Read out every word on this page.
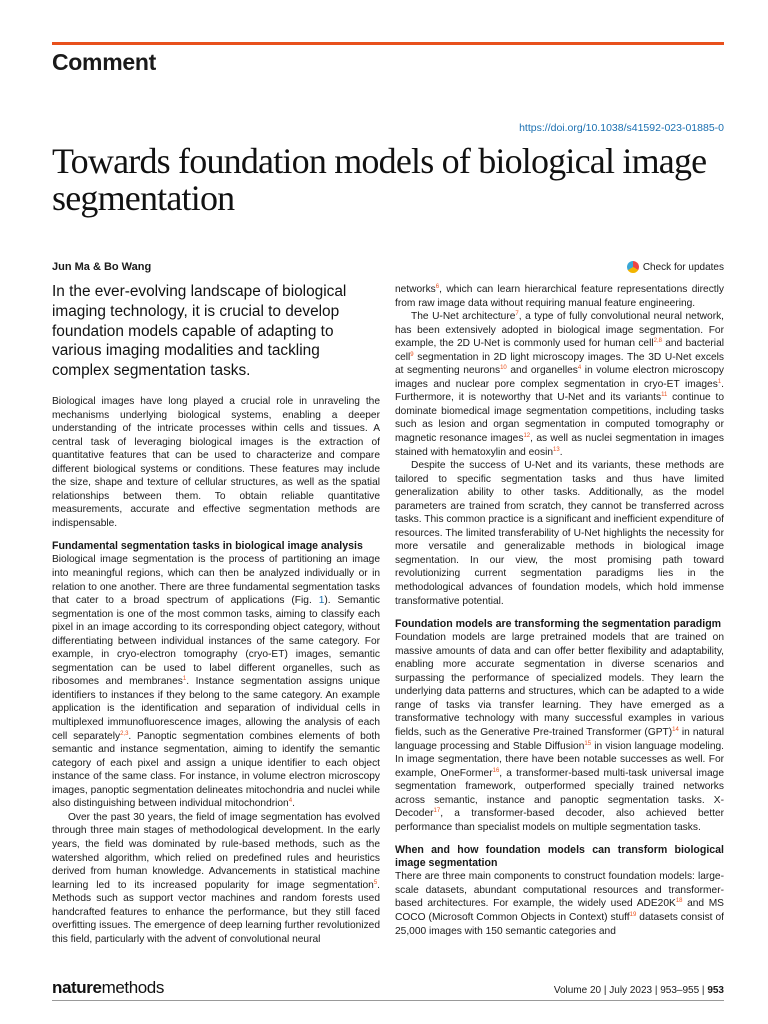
Comment
https://doi.org/10.1038/s41592-023-01885-0
Towards foundation models of biological image segmentation
Jun Ma & Bo Wang	Check for updates

In the ever-evolving landscape of biological imaging technology, it is crucial to develop foundation models capable of adapting to various imaging modalities and tackling complex segmentation tasks.

Biological images have long played a crucial role in unraveling the mechanisms underlying biological systems, enabling a deeper understanding of the intricate processes within cells and tissues. A central task of leveraging biological images is the extraction of quantitative features that can be used to characterize and compare different biological systems or conditions. These features may include the size, shape and texture of cellular structures, as well as the spatial relationships between them. To obtain reliable quantitative measurements, accurate and effective segmentation methods are indispensable.

Fundamental segmentation tasks in biological image analysis

Biological image segmentation is the process of partitioning an image into meaningful regions, which can then be analyzed individually or in relation to one another. There are three fundamental segmentation tasks that cater to a broad spectrum of applications (Fig. 1). Semantic segmentation is one of the most common tasks, aiming to classify each pixel in an image according to its corresponding object category, without differentiating between individual instances of the same category. For example, in cryo-electron tomography (cryo-ET) images, semantic segmentation can be used to label different organelles, such as ribosomes and membranes$^1$. Instance segmentation assigns unique identifiers to instances if they belong to the same category. An example application is the identification and separation of individual cells in multiplexed immunofluorescence images, allowing the analysis of each cell separately$^{2,3}$. Panoptic segmentation combines elements of both semantic and instance segmentation, aiming to identify the semantic category of each pixel and assign a unique identifier to each object instance of the same class. For instance, in volume electron microscopy images, panoptic segmentation delineates mitochondria and nuclei while also distinguishing between individual mitochondrion$^4$.

Over the past 30 years, the field of image segmentation has evolved through three main stages of methodological development. In the early years, the field was dominated by rule-based methods, such as the watershed algorithm, which relied on predefined rules and heuristics derived from human knowledge. Advancements in statistical machine learning led to its increased popularity for image segmentation$^5$. Methods such as support vector machines and random forests used handcrafted features to enhance the performance, but they still faced overfitting issues. The emergence of deep learning further revolutionized this field, particularly with the advent of convolutional neural

networks$^6$, which can learn hierarchical feature representations directly from raw image data without requiring manual feature engineering.

The U-Net architecture$^7$, a type of fully convolutional neural network, has been extensively adopted in biological image segmentation. For example, the 2D U-Net is commonly used for human cell$^{2,8}$ and bacterial cell$^9$ segmentation in 2D light microscopy images. The 3D U-Net excels at segmenting neurons$^{10}$ and organelles$^4$ in volume electron microscopy images and nuclear pore complex segmentation in cryo-ET images$^1$. Furthermore, it is noteworthy that U-Net and its variants$^{11}$ continue to dominate biomedical image segmentation competitions, including tasks such as lesion and organ segmentation in computed tomography or magnetic resonance images$^{12}$, as well as nuclei segmentation in images stained with hematoxylin and eosin$^{13}$.

Despite the success of U-Net and its variants, these methods are tailored to specific segmentation tasks and thus have limited generalization ability to other tasks. Additionally, as the model parameters are trained from scratch, they cannot be transferred across tasks. This common practice is a significant and inefficient expenditure of resources. The limited transferability of U-Net highlights the necessity for more versatile and generalizable methods in biological image segmentation. In our view, the most promising path toward revolutionizing current segmentation paradigms lies in the methodological advances of foundation models, which hold immense transformative potential.

Foundation models are transforming the segmentation paradigm

Foundation models are large pretrained models that are trained on massive amounts of data and can offer better flexibility and adaptability, enabling more accurate segmentation in diverse scenarios and surpassing the performance of specialized models. They learn the underlying data patterns and structures, which can be adapted to a wide range of tasks via transfer learning. They have emerged as a transformative technology with many successful examples in various fields, such as the Generative Pre-trained Transformer (GPT)$^{14}$ in natural language processing and Stable Diffusion$^{15}$ in vision language modeling. In image segmentation, there have been notable successes as well. For example, OneFormer$^{16}$, a transformer-based multi-task universal image segmentation framework, outperformed specially trained networks across semantic, instance and panoptic segmentation tasks. X-Decoder$^{17}$, a transformer-based decoder, also achieved better performance than specialist models on multiple segmentation tasks.

When and how foundation models can transform biological image segmentation

There are three main components to construct foundation models: large-scale datasets, abundant computational resources and transformer-based architectures. For example, the widely used $ADE20K^{18}$ and MS COCO (Microsoft Common Objects in Context) stuff$^{19}$ datasets consist of 25,000 images with 150 semantic categories and

naturemethods	Volume 20 | July 2023 | 953–955 | 953
